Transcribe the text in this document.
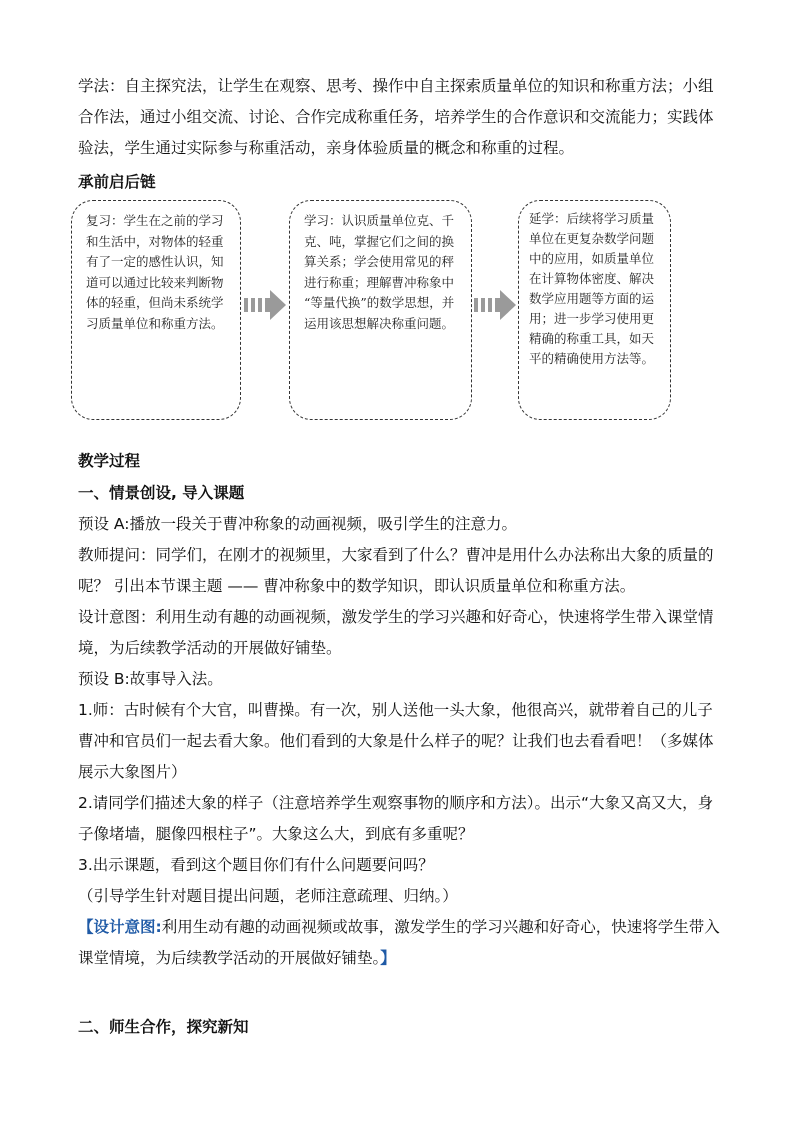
学法：自主探究法，让学生在观察、思考、操作中自主探索质量单位的知识和称重方法；小组合作法，通过小组交流、讨论、合作完成称重任务，培养学生的合作意识和交流能力；实践体验法，学生通过实际参与称重活动，亲身体验质量的概念和称重的过程。

承前启后链

复习：学生在之前的学习和生活中，对物体的轻重有了一定的感性认识，知道可以通过比较来判断物体的轻重，但尚未系统学习质量单位和称重方法。
学习：认识质量单位克、千克、吨，掌握它们之间的换算关系；学会使用常见的秤进行称重；理解曹冲称象中 “等量代换”的数学思想，并运用该思想解决称重问题。
延学：后续将学习质量单位在更复杂数学问题中的应用，如质量单位在计算物体密度、解决数学应用题等方面的运用；进一步学习使用更精确的称重工具，如天平的精确使用方法等。

教学过程

一、情景创设, 导入课题

预设 A:播放一段关于曹冲称象的动画视频，吸引学生的注意力。

教师提问：同学们，在刚才的视频里，大家看到了什么？曹冲是用什么办法称出大象的质量的呢？ 引出本节课主题 —— 曹冲称象中的数学知识，即认识质量单位和称重方法。

设计意图：利用生动有趣的动画视频，激发学生的学习兴趣和好奇心，快速将学生带入课堂情境，为后续教学活动的开展做好铺垫。

预设 B:故事导入法。

1.师：古时候有个大官，叫曹操。有一次，别人送他一头大象，他很高兴，就带着自己的儿子曹冲和官员们一起去看大象。他们看到的大象是什么样子的呢？让我们也去看看吧！（多媒体展示大象图片）

2.请同学们描述大象的样子（注意培养学生观察事物的顺序和方法）。出示“大象又高又大，身子像堵墙，腿像四根柱子”。大象这么大，到底有多重呢？

3.出示课题，看到这个题目你们有什么问题要问吗？

（引导学生针对题目提出问题，老师注意疏理、归纳。）

【设计意图:利用生动有趣的动画视频或故事，激发学生的学习兴趣和好奇心，快速将学生带入课堂情境，为后续教学活动的开展做好铺垫。】

二、师生合作，探究新知
